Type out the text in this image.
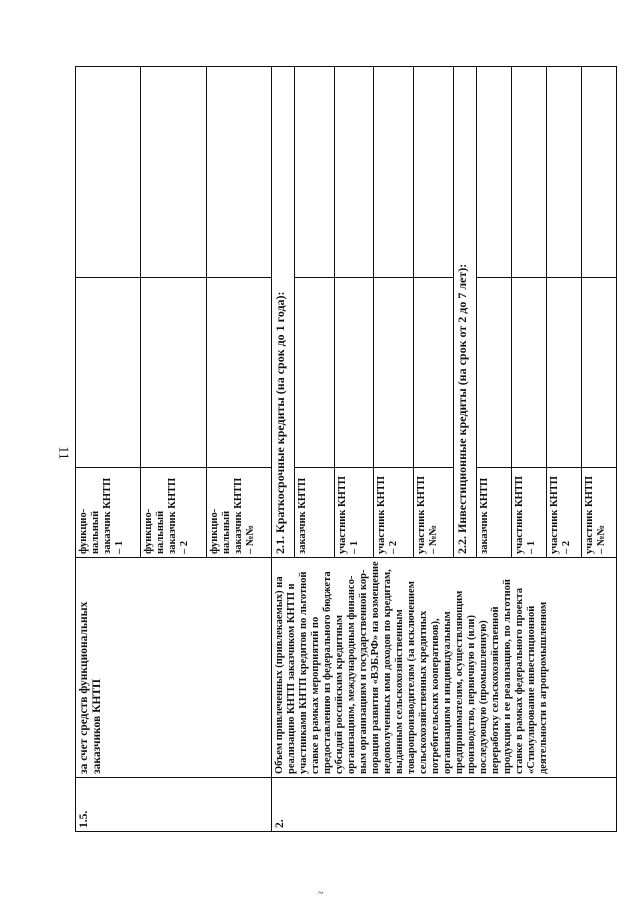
11
~
1.5.	за счет средств функциональных заказчиков КНТП	функцио-нальный заказчик КНТП – 1		
		функцио-нальный заказчик КНТП – 2		
		функцио-нальный заказчик КНТП – №№		
2.	Объем привлеченных (привлекаемых) на реализацию КНТП заказчиком КНТП и участниками КНТП кредитов по льготной ставке в рамках мероприятий по предоставлению из федерального бюджета субсидий российским кредитным организациям, международным финансо-вым организациям и государственной кор-порации развития «ВЭБ.РФ» на возмещение недополученных ими доходов по кредитам, выданным сельскохозяйственным товаропроизводителям (за исключением сельскохозяйственных кредитных потребительских кооперативов), организациям и индивидуальным предпринимателям, осуществляющим производство, первичную и (или) последующую (промышленную) переработку сельскохозяйственной продукции и ее реализацию, по льготной ставке в рамках федерального проекта «Стимулирование инвестиционной деятельности в агропромышленном	2.1. Краткосрочные кредиты (на срок до 1 года):		
		заказчик КНТП		
		участник КНТП – 1		
		участник КНТП – 2		
		участник КНТП – №№		
		2.2. Инвестиционные кредиты (на срок от 2 до 7 лет):		
		заказчик КНТП		
		участник КНТП – 1		
		участник КНТП – 2		
		участник КНТП – №№		
